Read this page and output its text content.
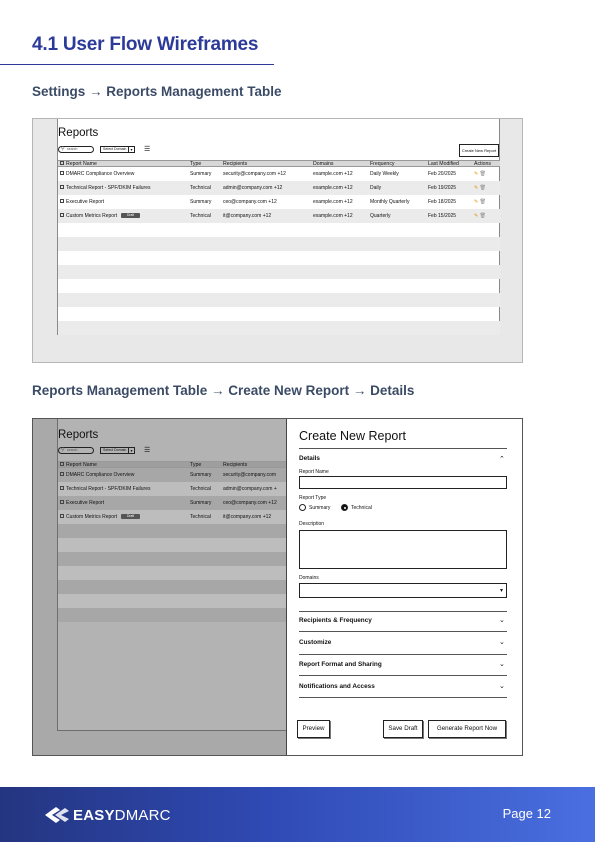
4.1 User Flow Wireframes
Settings → Reports Management Table
Reports
⚲ search	Select Domain	▾ ☰	Create New Report
Report Name	Type	Recipients	Domains	Frequency	Last Modified	Actions
DMARC Compliance Overview	Summary security@company.com +12	example.com +12	Daily Weekly	Feb 20/2025	✎ 🗑
Technical Report - SPF/DKIM Failures	Technical admin@company.com +12	example.com +12	Daily	Feb 19/2025	✎ 🗑
Executive Report	Summary ceo@company.com +12	example.com +12	Monthly Quarterly	Feb 18/2025	✎ 🗑
Custom Metrics Report	Draft	Technical it@company.com +12	example.com +12	Quarterly	Feb 15/2025	✎ 🗑
Reports Management Table → Create New Report → Details
Reports
⚲ search	Select Domain	▾ ☰
Report Name	Type	Recipients
DMARC Compliance Overview	Summary security@company.com
Technical Report - SPF/DKIM Failures	Technical admin@company.com +
Executive Report	Summary ceo@company.com +12
Custom Metrics Report	Draft	Technical it@company.com +12
Create New Report
Details	⌃
Report Name
Report Type
Summary	Technical
Description
Domains
▾
Recipients & Frequency	⌄
Customize	⌄
Report Format and Sharing	⌄
Notifications and Access	⌄
Preview	Save Draft	Generate Report Now
EASYDMARC	Page 12
